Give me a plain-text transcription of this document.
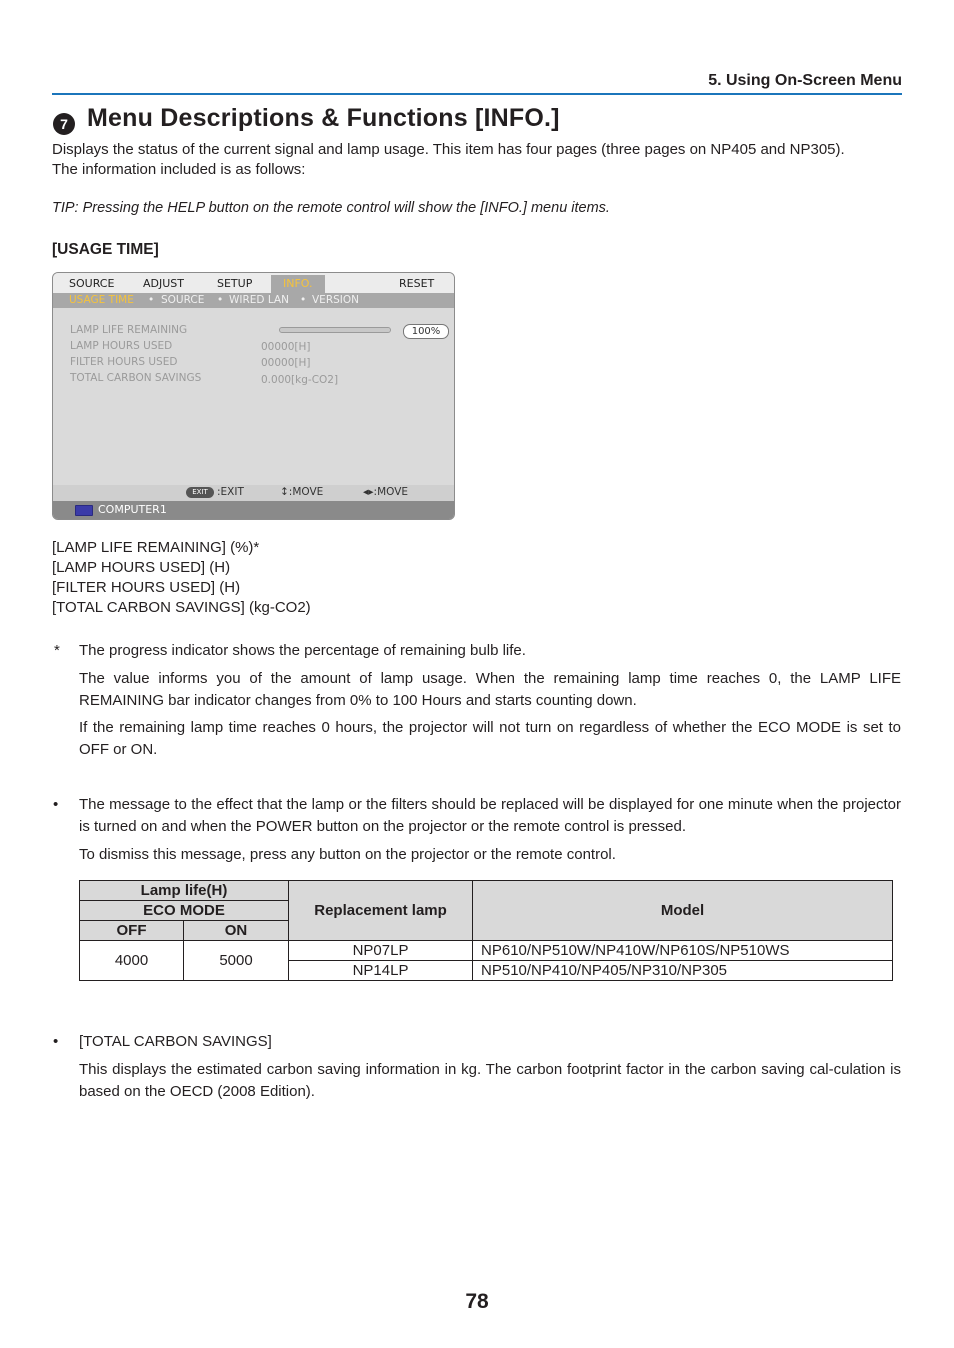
5. Using On-Screen Menu
7 Menu Descriptions & Functions [INFO.]
Displays the status of the current signal and lamp usage. This item has four pages (three pages on NP405 and NP305).
The information included is as follows:
TIP: Pressing the HELP button on the remote control will show the [INFO.] menu items.
[USAGE TIME]
SOURCE	ADJUST	SETUP	INFO.	RESET
USAGE TIME • SOURCE • WIRED LAN • VERSION
LAMP LIFE REMAINING	100%
LAMP HOURS USED	00000[H]
FILTER HOURS USED	00000[H]
TOTAL CARBON SAVINGS	0.000[kg-CO2]
EXIT :EXIT	↕:MOVE	◂▸:MOVE
COMPUTER1
[LAMP LIFE REMAINING] (%)*
[LAMP HOURS USED] (H)
[FILTER HOURS USED] (H)
[TOTAL CARBON SAVINGS] (kg-CO2)
* The progress indicator shows the percentage of remaining bulb life.
The value informs you of the amount of lamp usage. When the remaining lamp time reaches 0, the LAMP LIFE REMAINING bar indicator changes from 0% to 100 Hours and starts counting down.
If the remaining lamp time reaches 0 hours, the projector will not turn on regardless of whether the ECO MODE is set to OFF or ON.
• The message to the effect that the lamp or the filters should be replaced will be displayed for one minute when the projector is turned on and when the POWER button on the projector or the remote control is pressed.
To dismiss this message, press any button on the projector or the remote control.
Lamp life(H)		Replacement lamp	Model
ECO MODE			
OFF	ON		
4000	5000	NP07LP	NP610/NP510W/NP410W/NP610S/NP510WS
		NP14LP	NP510/NP410/NP405/NP310/NP305
• [TOTAL CARBON SAVINGS]
This displays the estimated carbon saving information in kg. The carbon footprint factor in the carbon saving cal-culation is based on the OECD (2008 Edition).
78
